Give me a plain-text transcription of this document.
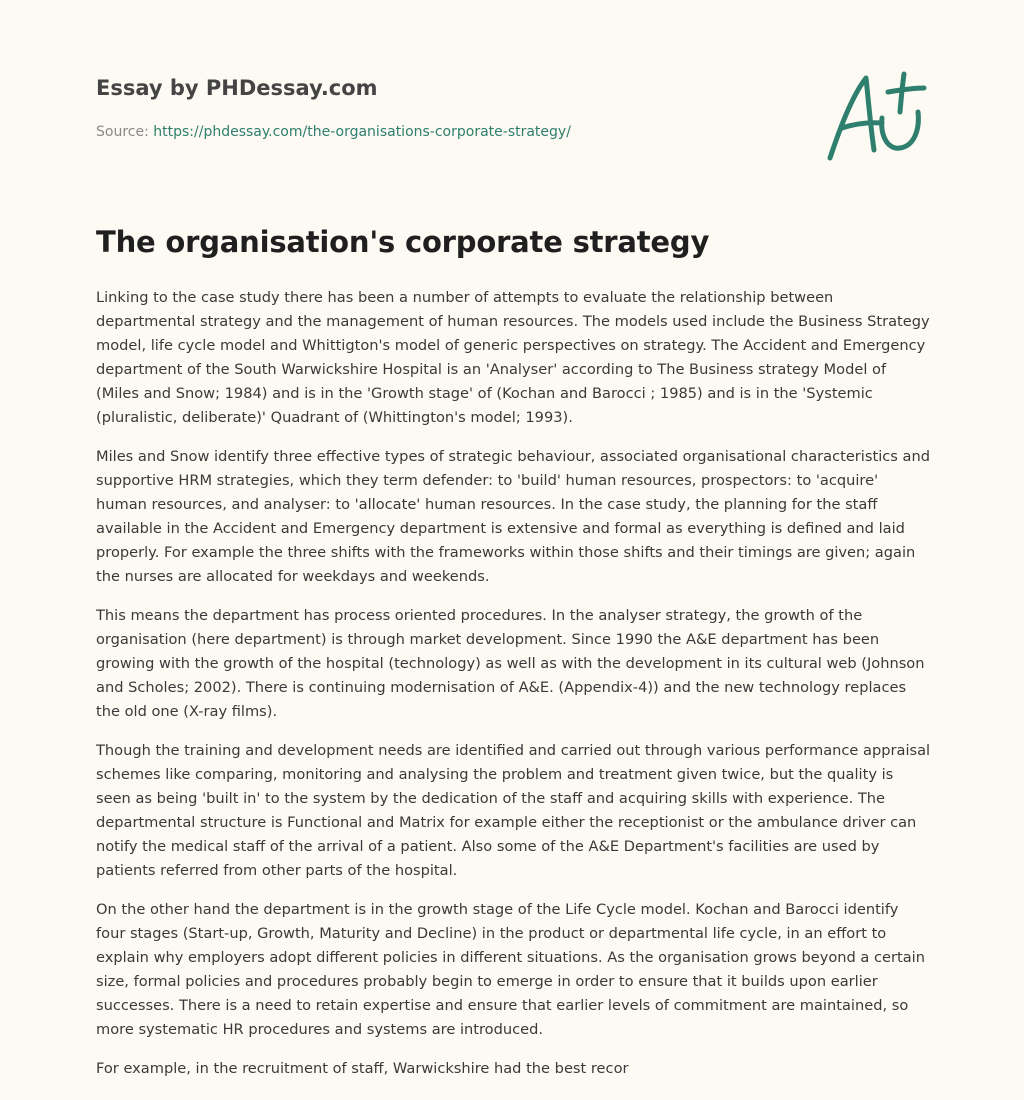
Essay by PHDessay.com
Source: https://phdessay.com/the-organisations-corporate-strategy/
The organisation's corporate strategy

Linking to the case study there has been a number of attempts to evaluate the relationship between departmental strategy and the management of human resources. The models used include the Business Strategy model, life cycle model and Whittigton's model of generic perspectives on strategy. The Accident and Emergency department of the South Warwickshire Hospital is an 'Analyser' according to The Business strategy Model of (Miles and Snow; 1984) and is in the 'Growth stage' of (Kochan and Barocci ; 1985) and is in the 'Systemic (pluralistic, deliberate)' Quadrant of (Whittington's model; 1993).

Miles and Snow identify three effective types of strategic behaviour, associated organisational characteristics and supportive HRM strategies, which they term defender: to 'build' human resources, prospectors: to 'acquire' human resources, and analyser: to 'allocate' human resources. In the case study, the planning for the staff available in the Accident and Emergency department is extensive and formal as everything is defined and laid properly. For example the three shifts with the frameworks within those shifts and their timings are given; again the nurses are allocated for weekdays and weekends.

This means the department has process oriented procedures. In the analyser strategy, the growth of the organisation (here department) is through market development. Since 1990 the A&E department has been growing with the growth of the hospital (technology) as well as with the development in its cultural web (Johnson and Scholes; 2002). There is continuing modernisation of A&E. (Appendix-4)) and the new technology replaces the old one (X-ray films).

Though the training and development needs are identified and carried out through various performance appraisal schemes like comparing, monitoring and analysing the problem and treatment given twice, but the quality is seen as being 'built in' to the system by the dedication of the staff and acquiring skills with experience. The departmental structure is Functional and Matrix for example either the receptionist or the ambulance driver can notify the medical staff of the arrival of a patient. Also some of the A&E Department's facilities are used by patients referred from other parts of the hospital.

On the other hand the department is in the growth stage of the Life Cycle model. Kochan and Barocci identify four stages (Start-up, Growth, Maturity and Decline) in the product or departmental life cycle, in an effort to explain why employers adopt different policies in different situations. As the organisation grows beyond a certain size, formal policies and procedures probably begin to emerge in order to ensure that it builds upon earlier successes. There is a need to retain expertise and ensure that earlier levels of commitment are maintained, so more systematic HR procedures and systems are introduced.

For example, in the recruitment of staff, Warwickshire had the best recor
